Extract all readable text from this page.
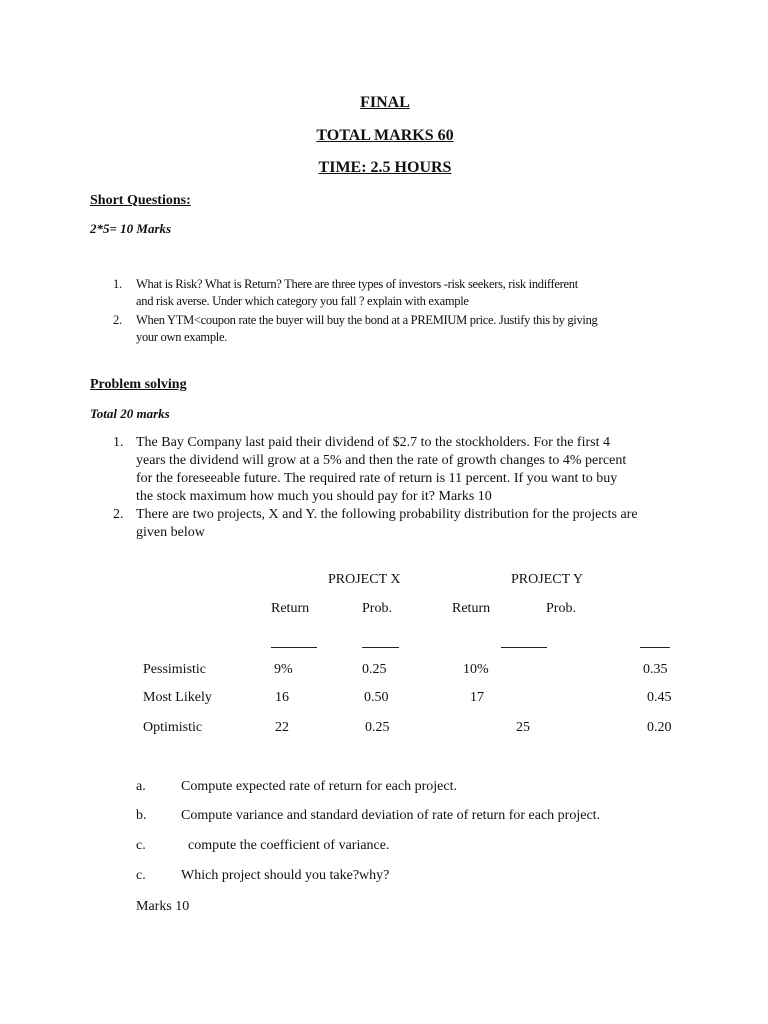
FINAL
TOTAL MARKS 60
TIME: 2.5 HOURS
Short Questions:
2*5= 10 Marks
1.	What is Risk? What is Return? There are three types of investors -risk seekers, risk indifferent
and risk averse. Under which category you fall ? explain with example
2.	When YTM<coupon rate the buyer will buy the bond at a PREMIUM price. Justify this by giving
your own example.
Problem solving
Total 20 marks
1. The Bay Company last paid their dividend of $2.7 to the stockholders. For the first 4
years the dividend will grow at a 5% and then the rate of growth changes to 4% percent
for the foreseeable future. The required rate of return is 11 percent. If you want to buy
the stock maximum how much you should pay for it? Marks 10
2. There are two projects, X and Y. the following probability distribution for the projects are
given below
PROJECT X	PROJECT Y
Return	Prob.	Return	Prob.
Pessimistic	9%	0.25	10%	0.35
Most Likely	16	0.50	17	0.45
Optimistic	22	0.25	25	0.20
a.	Compute expected rate of return for each project.
b. Compute variance and standard deviation of rate of return for each project.
c.	compute the coefficient of variance.
c.	Which project should you take?why?
Marks 10
